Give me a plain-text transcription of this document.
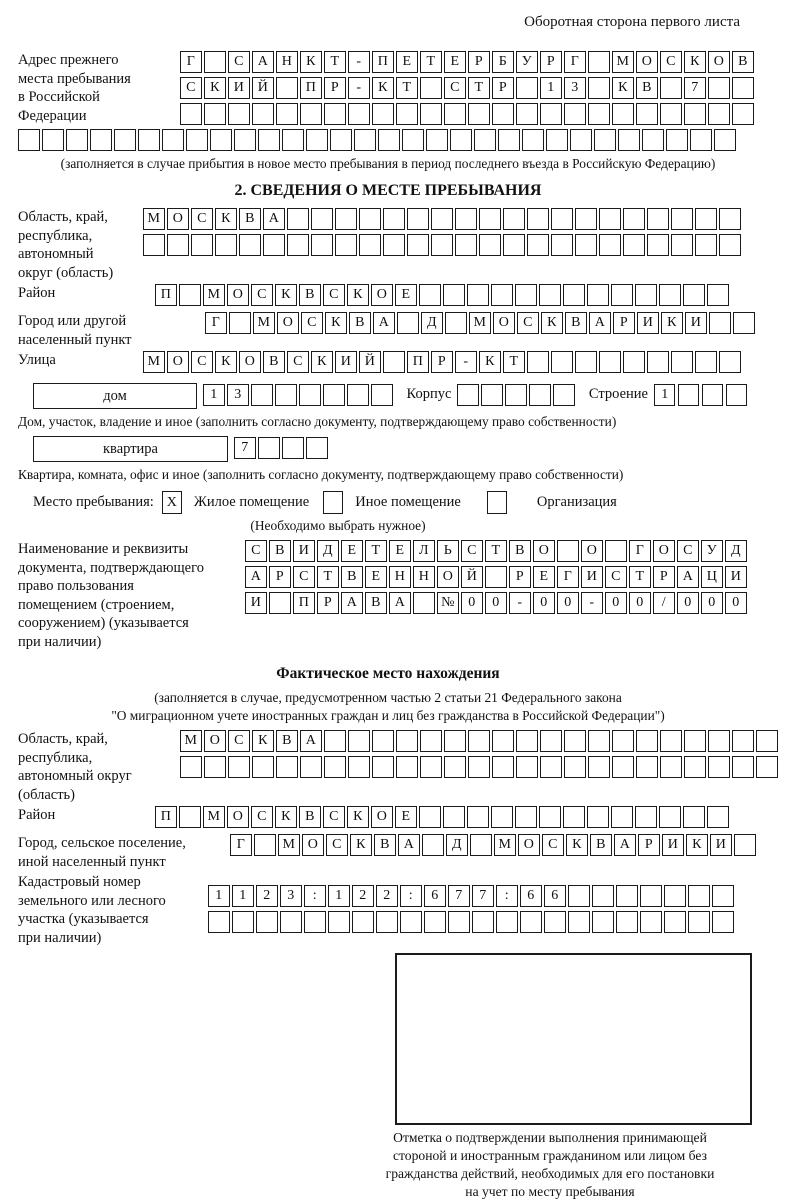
Оборотная сторона первого листа
Адрес прежнего
места пребывания
в Российской
Федерации
Г	С	А Н	К	Т	-	П	Е	Т	Е	Р	Б	У	Р	Г	М О	С	К	О	В
С	К	И Й	П	Р	-	К	Т	С	Т	Р	1	3	К	В	7
(заполняется в случае прибытия в новое место пребывания в период последнего въезда в Российскую Федерацию)
2. СВЕДЕНИЯ О МЕСТЕ ПРЕБЫВАНИЯ
Область, край,
республика,
автономный
округ (область)
М О	С	К	В	А
Район	П	М О	С	К	В	С	К	О	Е
Город или другой
населенный пункт
Г	М О	С	К	В	А	Д	М О	С	К	В	А	Р	И	К	И
Улица	М О	С	К	О	В	С	К	И Й	П	Р	-	К	Т
дом	1	3	Корпус	Строение 1
Дом, участок, владение и иное (заполнить согласно документу, подтверждающему право собственности)
квартира	7
Квартира, комната, офис и иное (заполнить согласно документу, подтверждающему право собственности)
Место пребывания: X	Жилое помещение	Иное помещение	Организация
(Необходимо выбрать нужное)
Наименование и реквизиты
документа, подтверждающего
право пользования
помещением (строением,
сооружением) (указывается
при наличии)
С	В	И	Д	Е	Т	Е	Л	Ь	С	Т	В	О	О	Г	О	С	У	Д
А	Р	С	Т	В	Е	Н Н О Й	Р	Е	Г	И	С	Т	Р	А Ц И
И	П	Р	А	В	А	№ 0	0	-	0	0	-	0	0	/	0	0	0
Фактическое место нахождения
(заполняется в случае, предусмотренном частью 2 статьи 21 Федерального закона
"О миграционном учете иностранных граждан и лиц без гражданства в Российской Федерации")
Область, край,
республика,
автономный округ
(область)
М О	С	К	В	А
Район	П	М О	С	К	В	С	К	О	Е
Город, сельское поселение,
иной населенный пункт
Г	М О	С	К	В	А	Д	М О	С	К	В	А	Р	И	К	И
Кадастровый номер
земельного или лесного
участка (указывается
при наличии)
1	1	2	3	:	1	2	2	:	6	7	7	:	6	6
Отметка о подтверждении выполнения принимающей
стороной и иностранным гражданином или лицом без
гражданства действий, необходимых для его постановки
на учет по месту пребывания
